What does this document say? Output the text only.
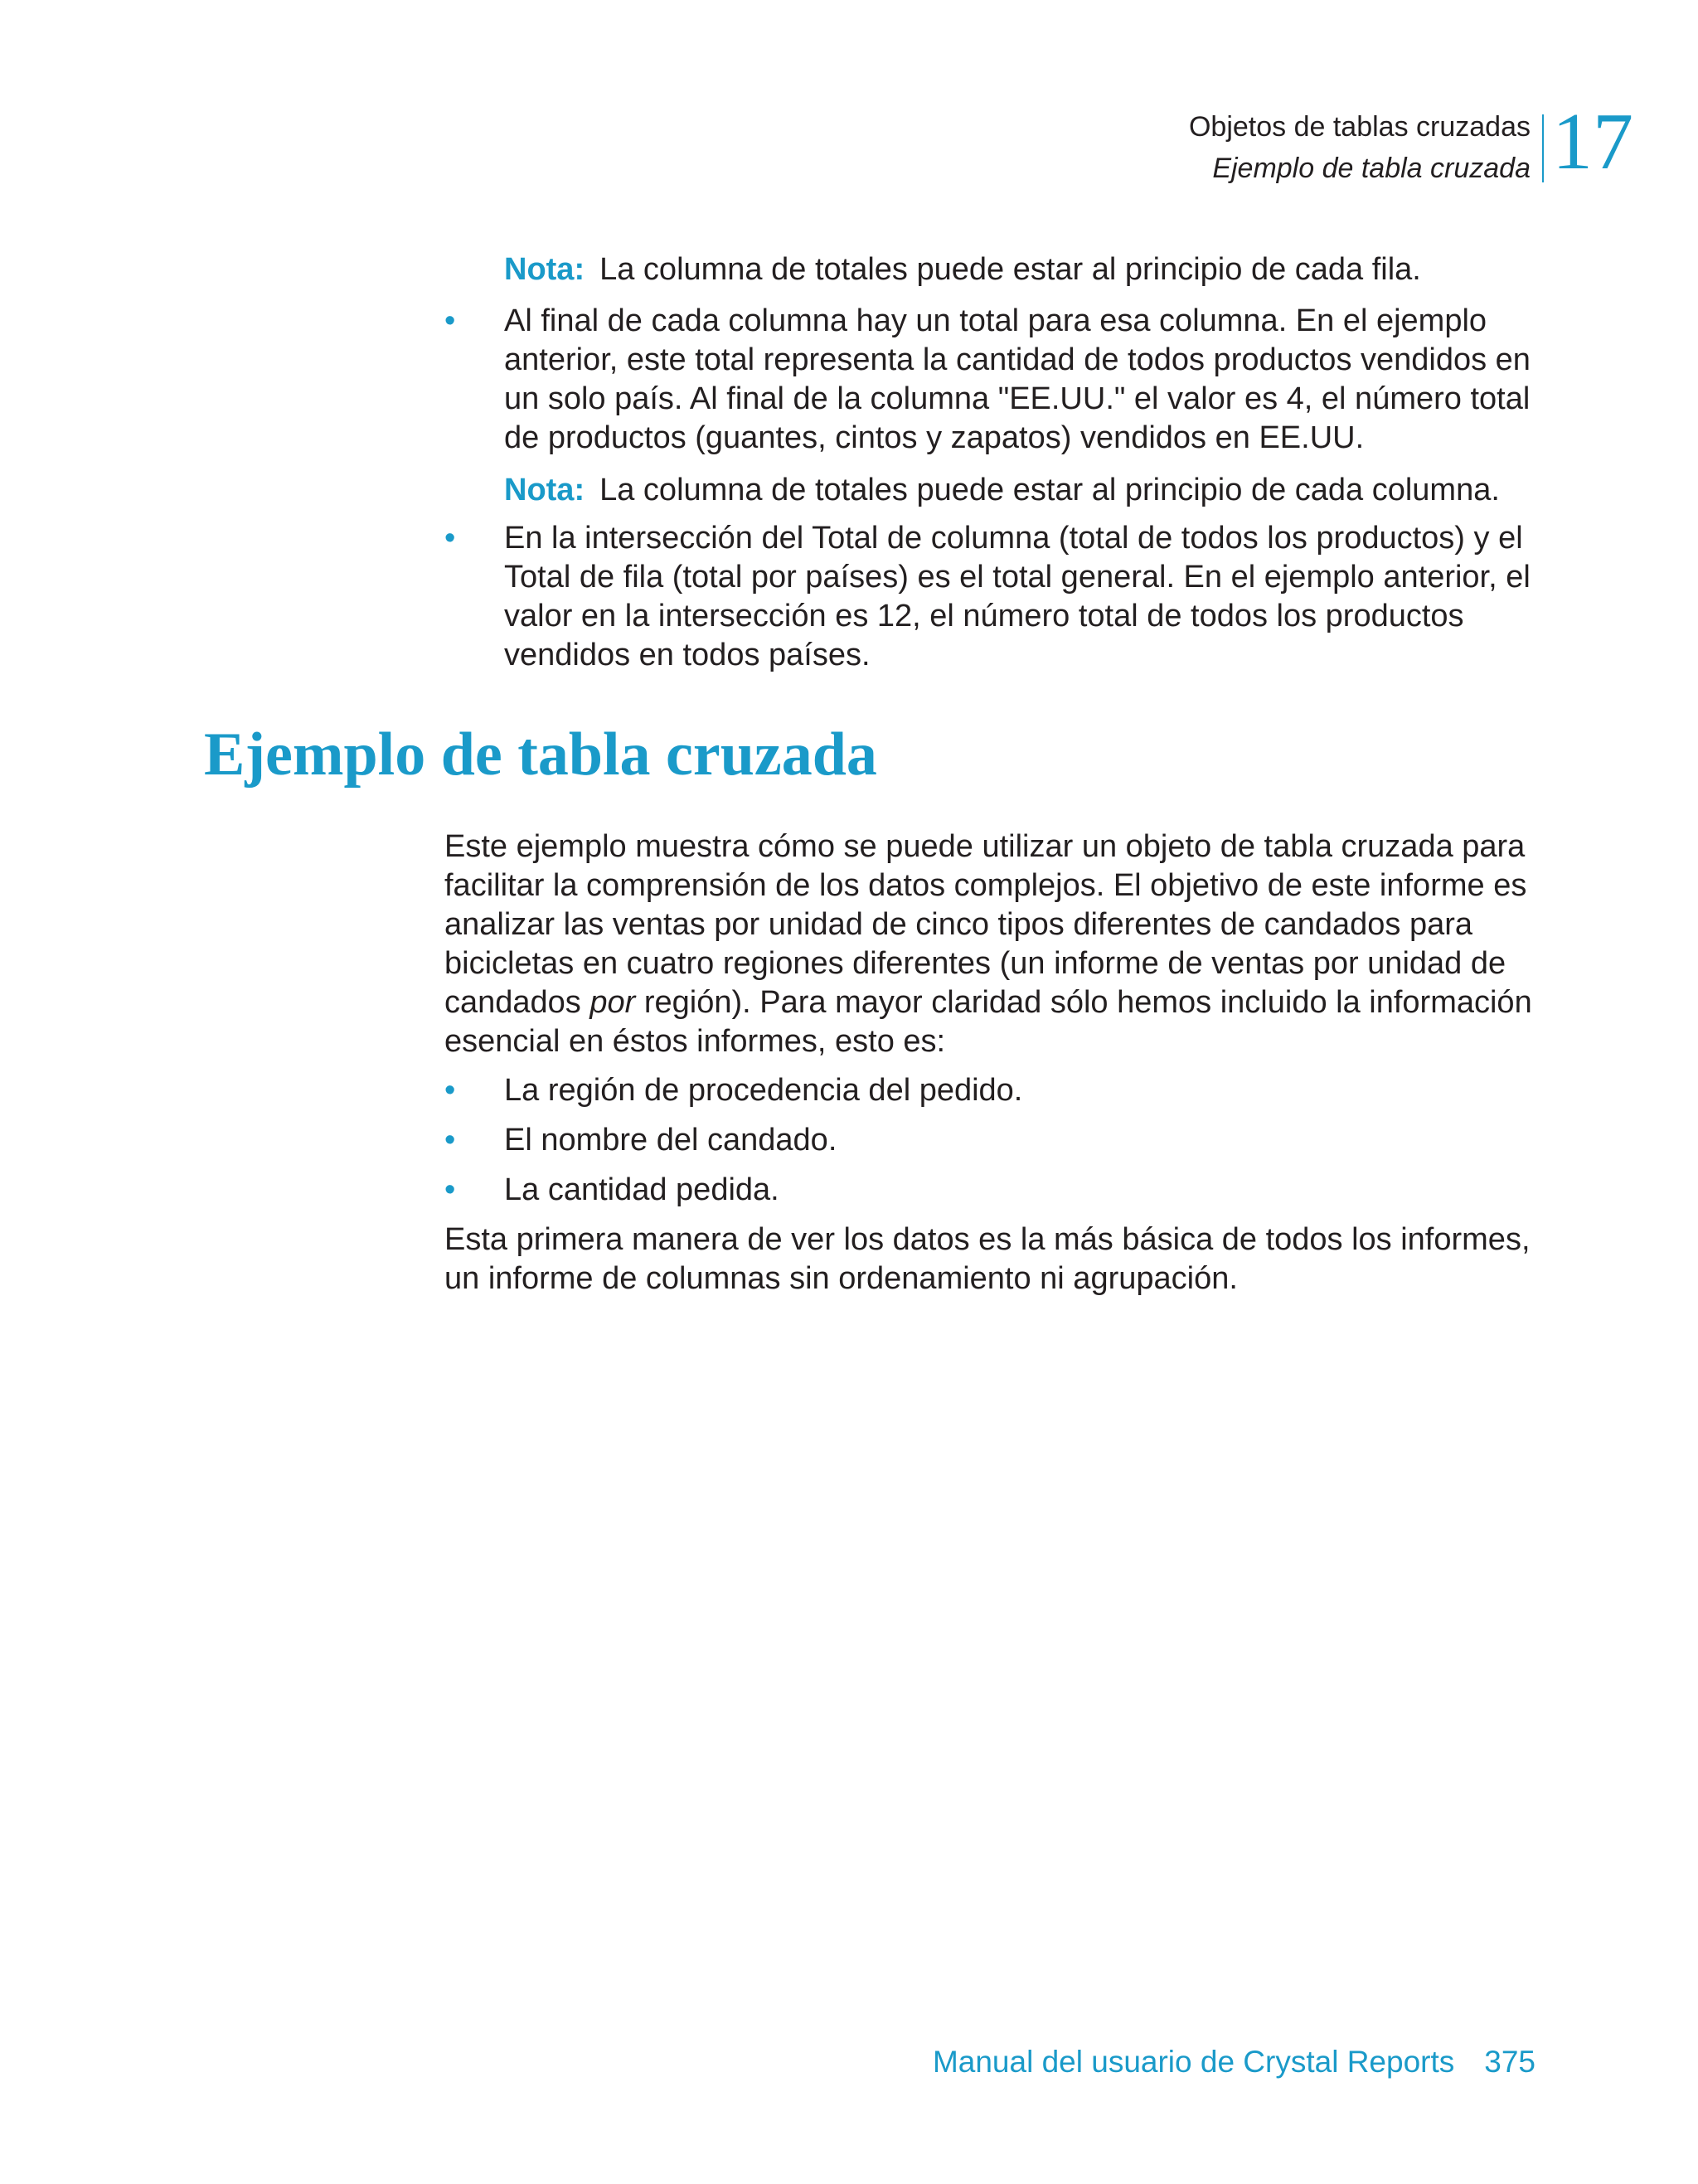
Objetos de tablas cruzadas
Ejemplo de tabla cruzada 17
Nota: La columna de totales puede estar al principio de cada fila.
• Al final de cada columna hay un total para esa columna. En el ejemplo anterior, este total representa la cantidad de todos productos vendidos en un solo país. Al final de la columna "EE.UU." el valor es 4, el número total de productos (guantes, cintos y zapatos) vendidos en EE.UU.
Nota: La columna de totales puede estar al principio de cada columna.
• En la intersección del Total de columna (total de todos los productos) y el Total de fila (total por países) es el total general. En el ejemplo anterior, el valor en la intersección es 12, el número total de todos los productos vendidos en todos países.
Ejemplo de tabla cruzada
Este ejemplo muestra cómo se puede utilizar un objeto de tabla cruzada para facilitar la comprensión de los datos complejos. El objetivo de este informe es analizar las ventas por unidad de cinco tipos diferentes de candados para bicicletas en cuatro regiones diferentes (un informe de ventas por unidad de candados por región). Para mayor claridad sólo hemos incluido la información esencial en éstos informes, esto es:
• La región de procedencia del pedido.
• El nombre del candado.
• La cantidad pedida.
Esta primera manera de ver los datos es la más básica de todos los informes, un informe de columnas sin ordenamiento ni agrupación.
Manual del usuario de Crystal Reports 375
